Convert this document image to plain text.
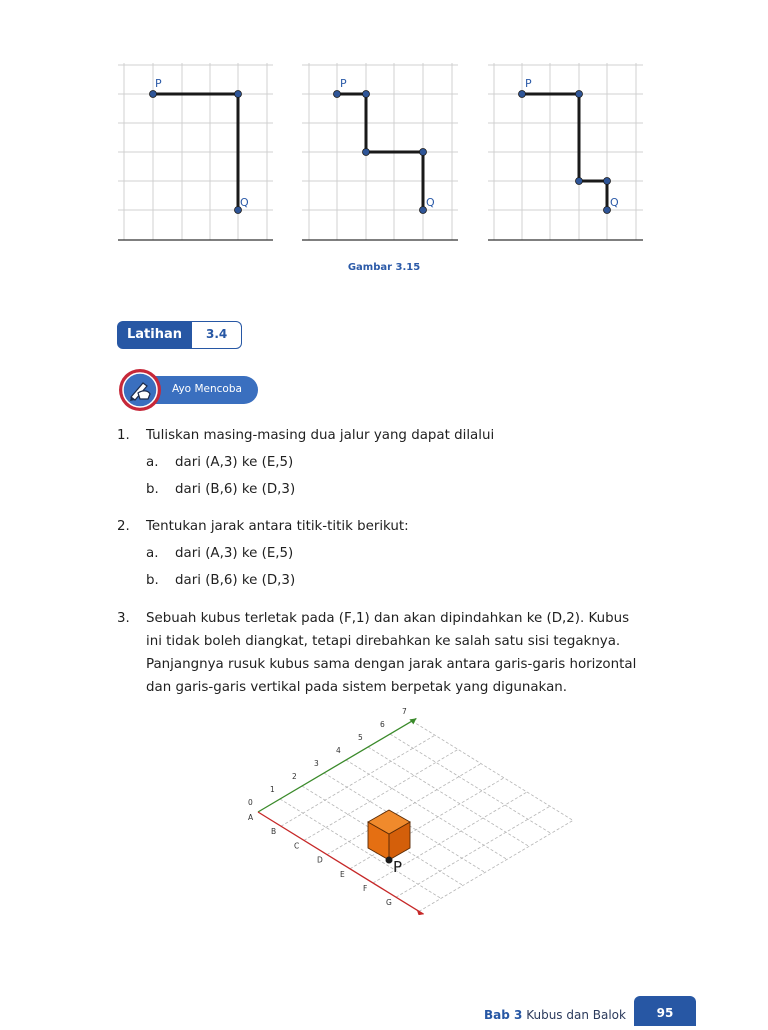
P
Q
P
Q
P
Q
Gambar 3.15
Latihan	3.4
Ayo Mencoba
1. Tuliskan masing-masing dua jalur yang dapat dilalui
a. dari (A,3) ke (E,5)
b. dari (B,6) ke (D,3)
2. Tentukan jarak antara titik-titik berikut:
a. dari (A,3) ke (E,5)
b. dari (B,6) ke (D,3)
3. Sebuah kubus terletak pada (F,1) dan akan dipindahkan ke (D,2). Kubus
ini tidak boleh diangkat, tetapi direbahkan ke salah satu sisi tegaknya.
Panjangnya rusuk kubus sama dengan jarak antara garis-garis horizontal
dan garis-garis vertikal pada sistem berpetak yang digunakan.
0
1
2
3
4
5
6
7
A
B
C
D
E
F
G
P
Bab 3 Kubus dan Balok	95
